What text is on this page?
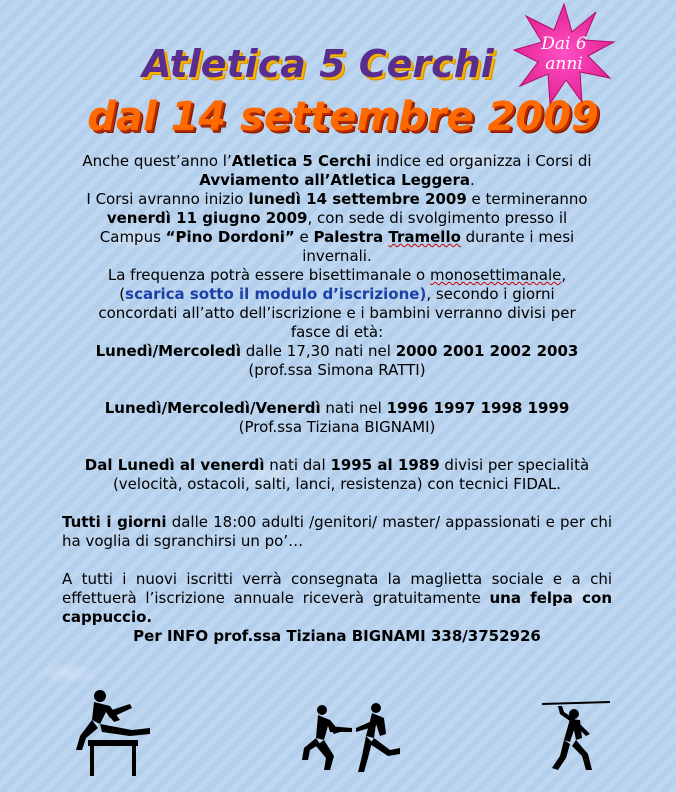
Atletica 5 Cerchi
dal 14 settembre 2009
Dai 6
anni

Anche quest’anno l’Atletica 5 Cerchi indice ed organizza i Corsi di
Avviamento all’Atletica Leggera.
I Corsi avranno inizio lunedì 14 settembre 2009 e termineranno
venerdì 11 giugno 2009, con sede di svolgimento presso il
Campus “Pino Dordoni” e Palestra Tramello durante i mesi
invernali.
La frequenza potrà essere bisettimanale o monosettimanale,
(scarica sotto il modulo d’iscrizione), secondo i giorni
concordati all’atto dell’iscrizione e i bambini verranno divisi per
fasce di età:

Lunedì/Mercoledì dalle 17,30 nati nel 2000 2001 2002 2003
(prof.ssa Simona RATTI)

Lunedì/Mercoledì/Venerdì nati nel 1996 1997 1998 1999
(Prof.ssa Tiziana BIGNAMI)

Dal Lunedì al venerdì nati dal 1995 al 1989 divisi per specialità
(velocità, ostacoli, salti, lanci, resistenza) con tecnici FIDAL.

Tutti i giorni dalle 18:00 adulti /genitori/ master/ appassionati e per chi ha voglia di sgranchirsi un po’…

A tutti i nuovi iscritti verrà consegnata la maglietta sociale e a chi effettuerà l’iscrizione annuale riceverà gratuitamente una felpa con cappuccio.

Per INFO prof.ssa Tiziana BIGNAMI 338/3752926
